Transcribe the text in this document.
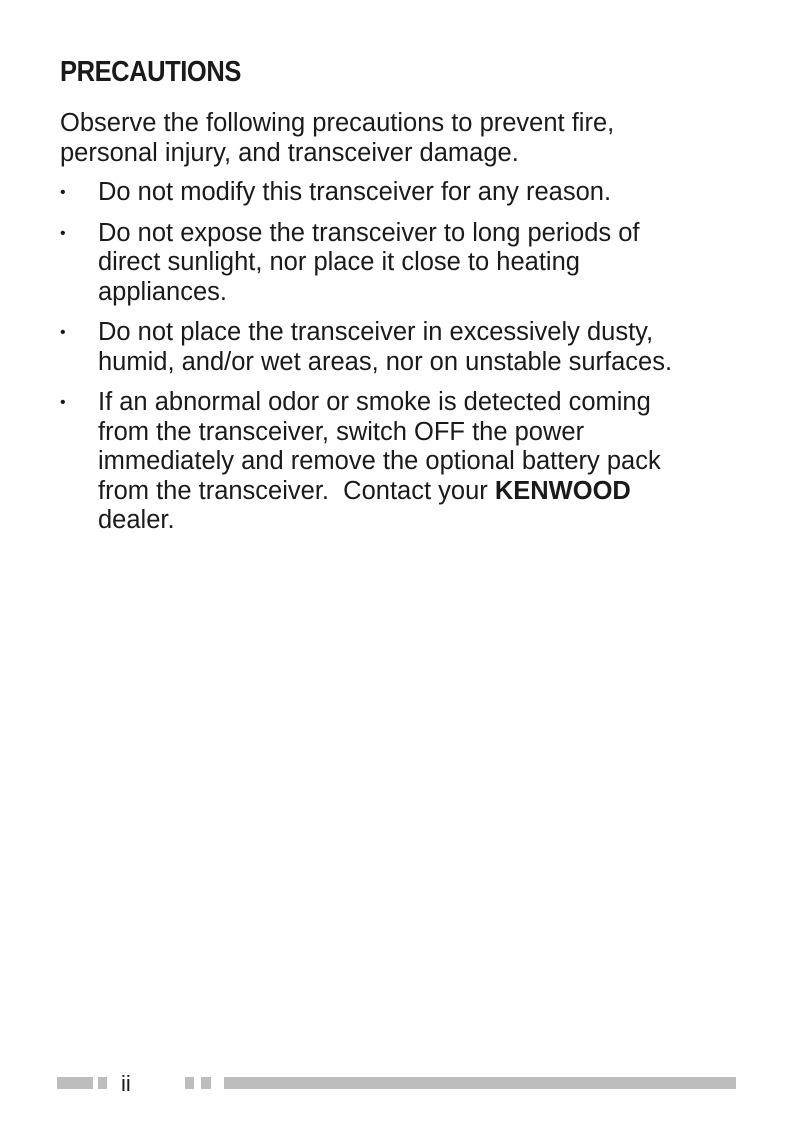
PRECAUTIONS

Observe the following precautions to prevent fire,
personal injury, and transceiver damage.

• Do not modify this transceiver for any reason.
• Do not expose the transceiver to long periods of
direct sunlight, nor place it close to heating
appliances.
• Do not place the transceiver in excessively dusty,
humid, and/or wet areas, nor on unstable surfaces.
• If an abnormal odor or smoke is detected coming
from the transceiver, switch OFF the power
immediately and remove the optional battery pack
from the transceiver.  Contact your KENWOOD
dealer.
ii
